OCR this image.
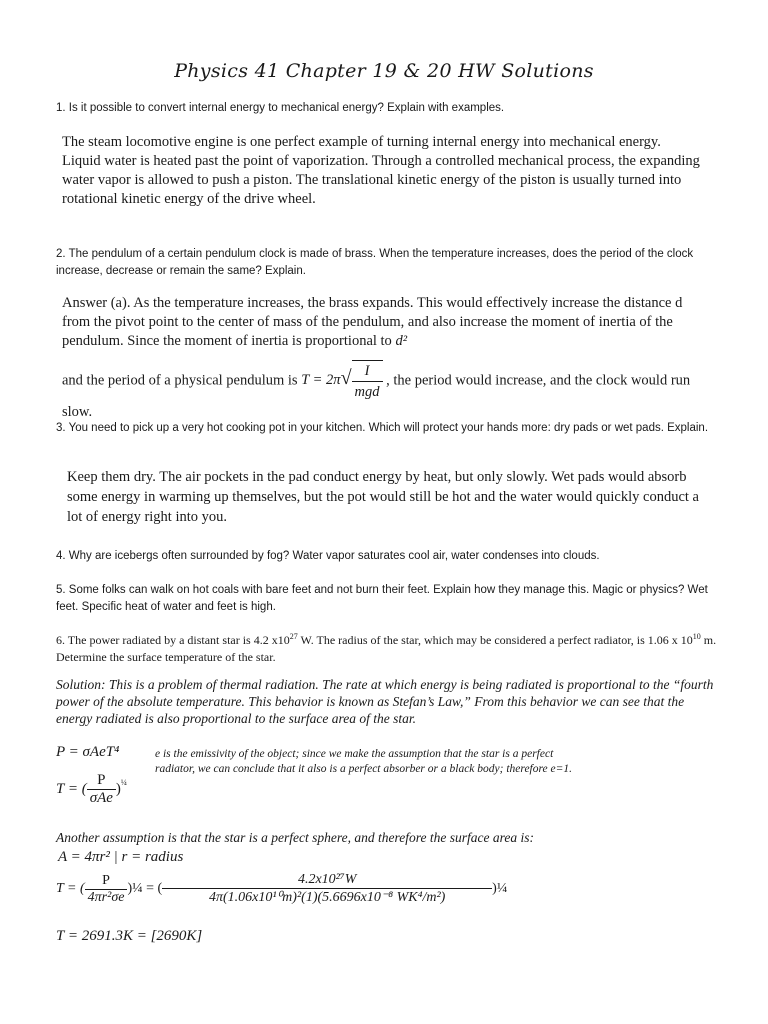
Physics 41 Chapter 19 & 20 HW Solutions
1. Is it possible to convert internal energy to mechanical energy? Explain with examples.
The steam locomotive engine is one perfect example of turning internal energy into mechanical energy. Liquid water is heated past the point of vaporization. Through a controlled mechanical process, the expanding water vapor is allowed to push a piston. The translational kinetic energy of the piston is usually turned into rotational kinetic energy of the drive wheel.
2. The pendulum of a certain pendulum clock is made of brass. When the temperature increases, does the period of the clock increase, decrease or remain the same? Explain.
Answer (a). As the temperature increases, the brass expands. This would effectively increase the distance d from the pivot point to the center of mass of the pendulum, and also increase the moment of inertia of the pendulum. Since the moment of inertia is proportional to d²
and the period of a physical pendulum is $T = 2\pi√ \frac{I}{\text{mgd}}$ , the period would increase, and the clock would run slow.
3. You need to pick up a very hot cooking pot in your kitchen. Which will protect your hands more: dry pads or wet pads. Explain.
Keep them dry. The air pockets in the pad conduct energy by heat, but only slowly. Wet pads would absorb some energy in warming up themselves, but the pot would still be hot and the water would quickly conduct a lot of energy right into you.
4. Why are icebergs often surrounded by fog? Water vapor saturates cool air, water condenses into clouds.
5. Some folks can walk on hot coals with bare feet and not burn their feet. Explain how they manage this. Magic or physics? Wet feet. Specific heat of water and feet is high.
6. The power radiated by a distant star is 4.2 $x10^{27}$ W. The radius of the star, which may be considered a perfect radiator, is 1.06 x $10^{10}$ m. Determine the surface temperature of the star.
Solution: This is a problem of thermal radiation. The rate at which energy is being radiated is proportional to the “fourth power of the absolute temperature. This behavior is known as Stefan’s Law,” From this behavior we can see that the energy radiated is also proportional to the surface area of the star.
P = σAeT⁴
T = ( $\frac{P}{\text{σAe}} )^{\frac{1}{4}}$
e is the emissivity of the object; since we make the assumption that the star is a perfect radiator, we can conclude that it also is a perfect absorber or a black body; therefore e=1.
Another assumption is that the star is a perfect sphere, and therefore the surface area is:
A = 4πr² | r = radius
T = ( $\frac{P}{\text{4πr²σe}}$ )¼ = ( $\frac{\text{4.2x10²⁷W}}{\text{4π(1.06x10¹⁰m)²(1)(5.6696x10⁻⁸ WK⁴/m²)}}$ )¼
T = 2691.3K = [2690K]
